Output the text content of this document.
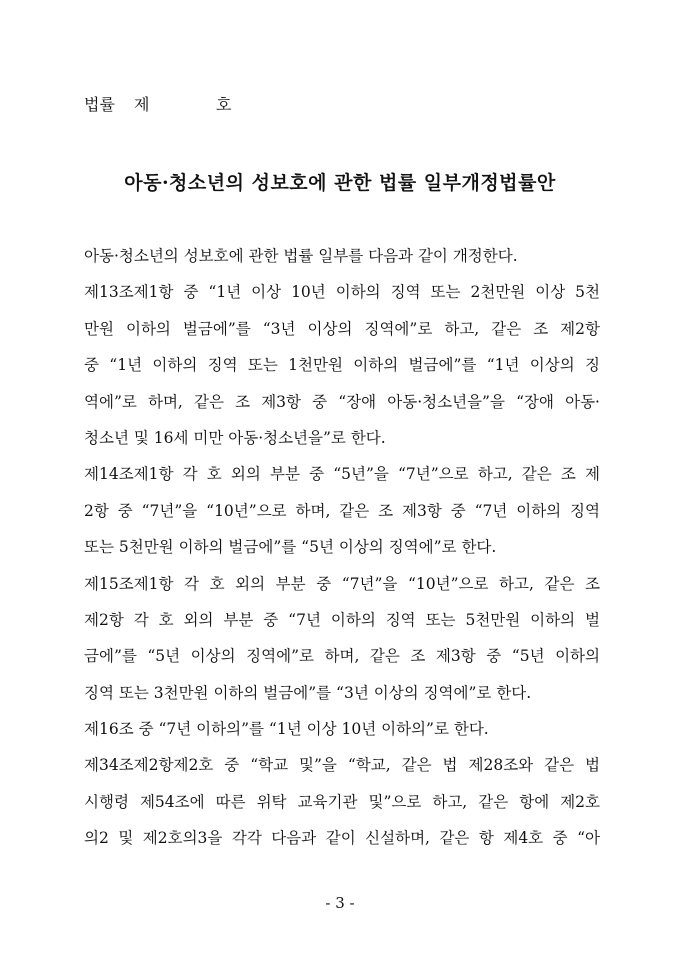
법률 제	호
아동·청소년의 성보호에 관한 법률 일부개정법률안
아동·청소년의 성보호에 관한 법률 일부를 다음과 같이 개정한다.
제13조제1항 중 “1년 이상 10년 이하의 징역 또는 2천만원 이상 5천
만원 이하의 벌금에”를 “3년 이상의 징역에”로 하고, 같은 조 제2항
중 “1년 이하의 징역 또는 1천만원 이하의 벌금에”를 “1년 이상의 징
역에”로 하며, 같은 조 제3항 중 “장애 아동·청소년을”을 “장애 아동·
청소년 및 16세 미만 아동·청소년을”로 한다.
제14조제1항 각 호 외의 부분 중 “5년”을 “7년”으로 하고, 같은 조 제
2항 중 “7년”을 “10년”으로 하며, 같은 조 제3항 중 “7년 이하의 징역
또는 5천만원 이하의 벌금에”를 “5년 이상의 징역에”로 한다.
제15조제1항 각 호 외의 부분 중 “7년”을 “10년”으로 하고, 같은 조
제2항 각 호 외의 부분 중 “7년 이하의 징역 또는 5천만원 이하의 벌
금에”를 “5년 이상의 징역에”로 하며, 같은 조 제3항 중 “5년 이하의
징역 또는 3천만원 이하의 벌금에”를 “3년 이상의 징역에”로 한다.
제16조 중 “7년 이하의”를 “1년 이상 10년 이하의”로 한다.
제34조제2항제2호 중 “학교 및”을 “학교, 같은 법 제28조와 같은 법
시행령 제54조에 따른 위탁 교육기관 및”으로 하고, 같은 항에 제2호
의2 및 제2호의3을 각각 다음과 같이 신설하며, 같은 항 제4호 중 “아
- 3 -
